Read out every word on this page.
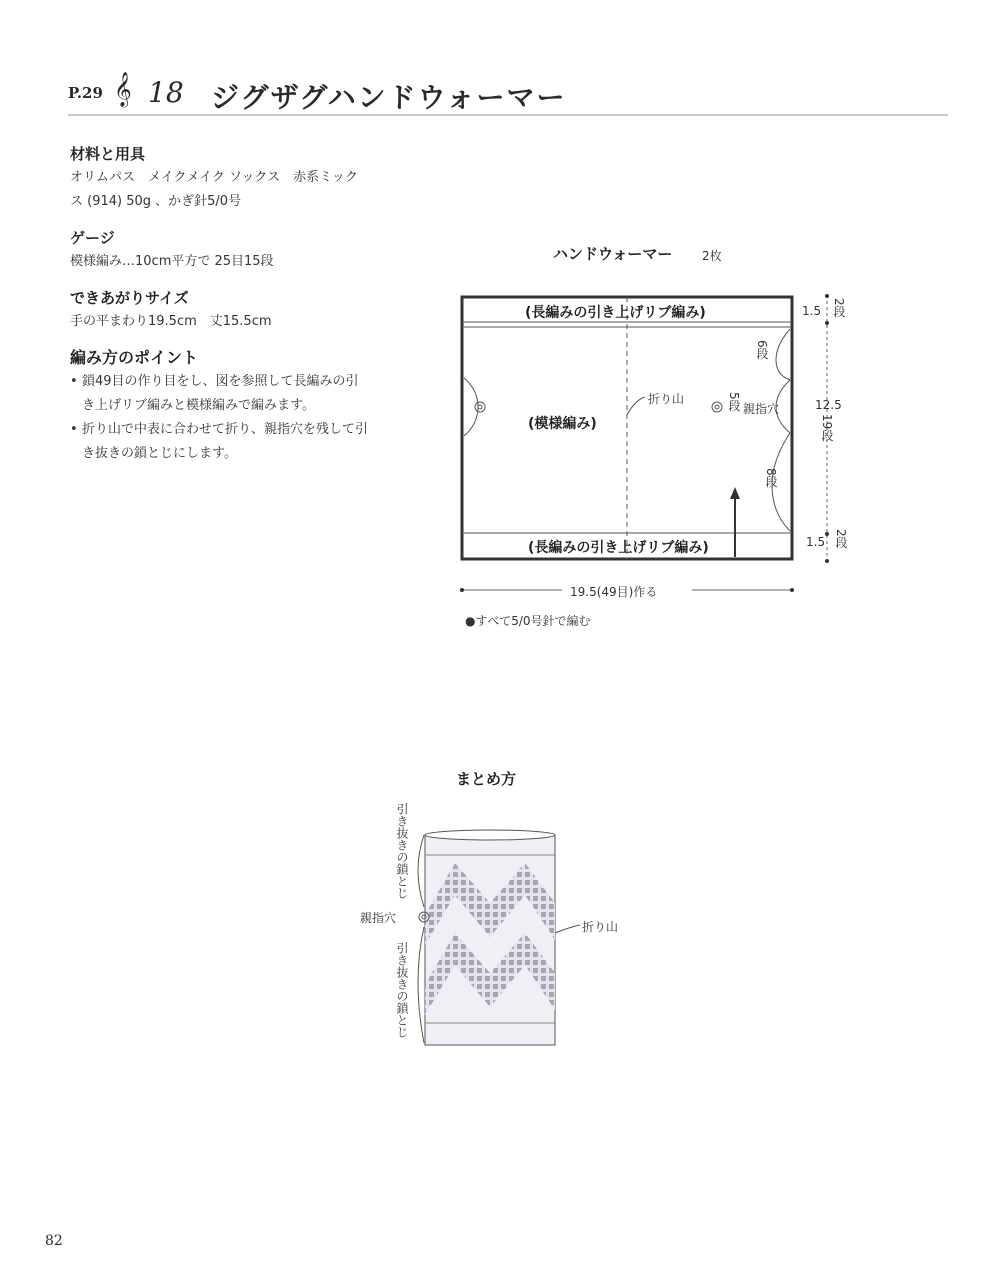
P.29 𝄞 18 ジグザグハンドウォーマー
材料と用具
オリムパス　メイクメイク ソックス　赤系ミック
ス (914) 50g 、かぎ針5/0号
ゲージ
模様編み…10cm平方で 25目15段
できあがりサイズ
手の平まわり19.5cm　丈15.5cm
編み方のポイント
• 鎖49目の作り目をし、図を参照して長編みの引
き上げリブ編みと模様編みで編みます。
• 折り山で中表に合わせて折り、親指穴を残して引
き抜きの鎖とじにします。
ハンドウォーマー 2枚
(長編みの引き上げリブ編み)
(長編みの引き上げリブ編み)
(模様編み)
折り山	5段 親指穴
6段
8段
1.5 2段
12.5
19段
1.5 2段
19.5(49目)作る
●すべて5/0号針で編む
まとめ方
引き抜きの鎖とじ
親指穴
引き抜きの鎖とじ
折り山
82
